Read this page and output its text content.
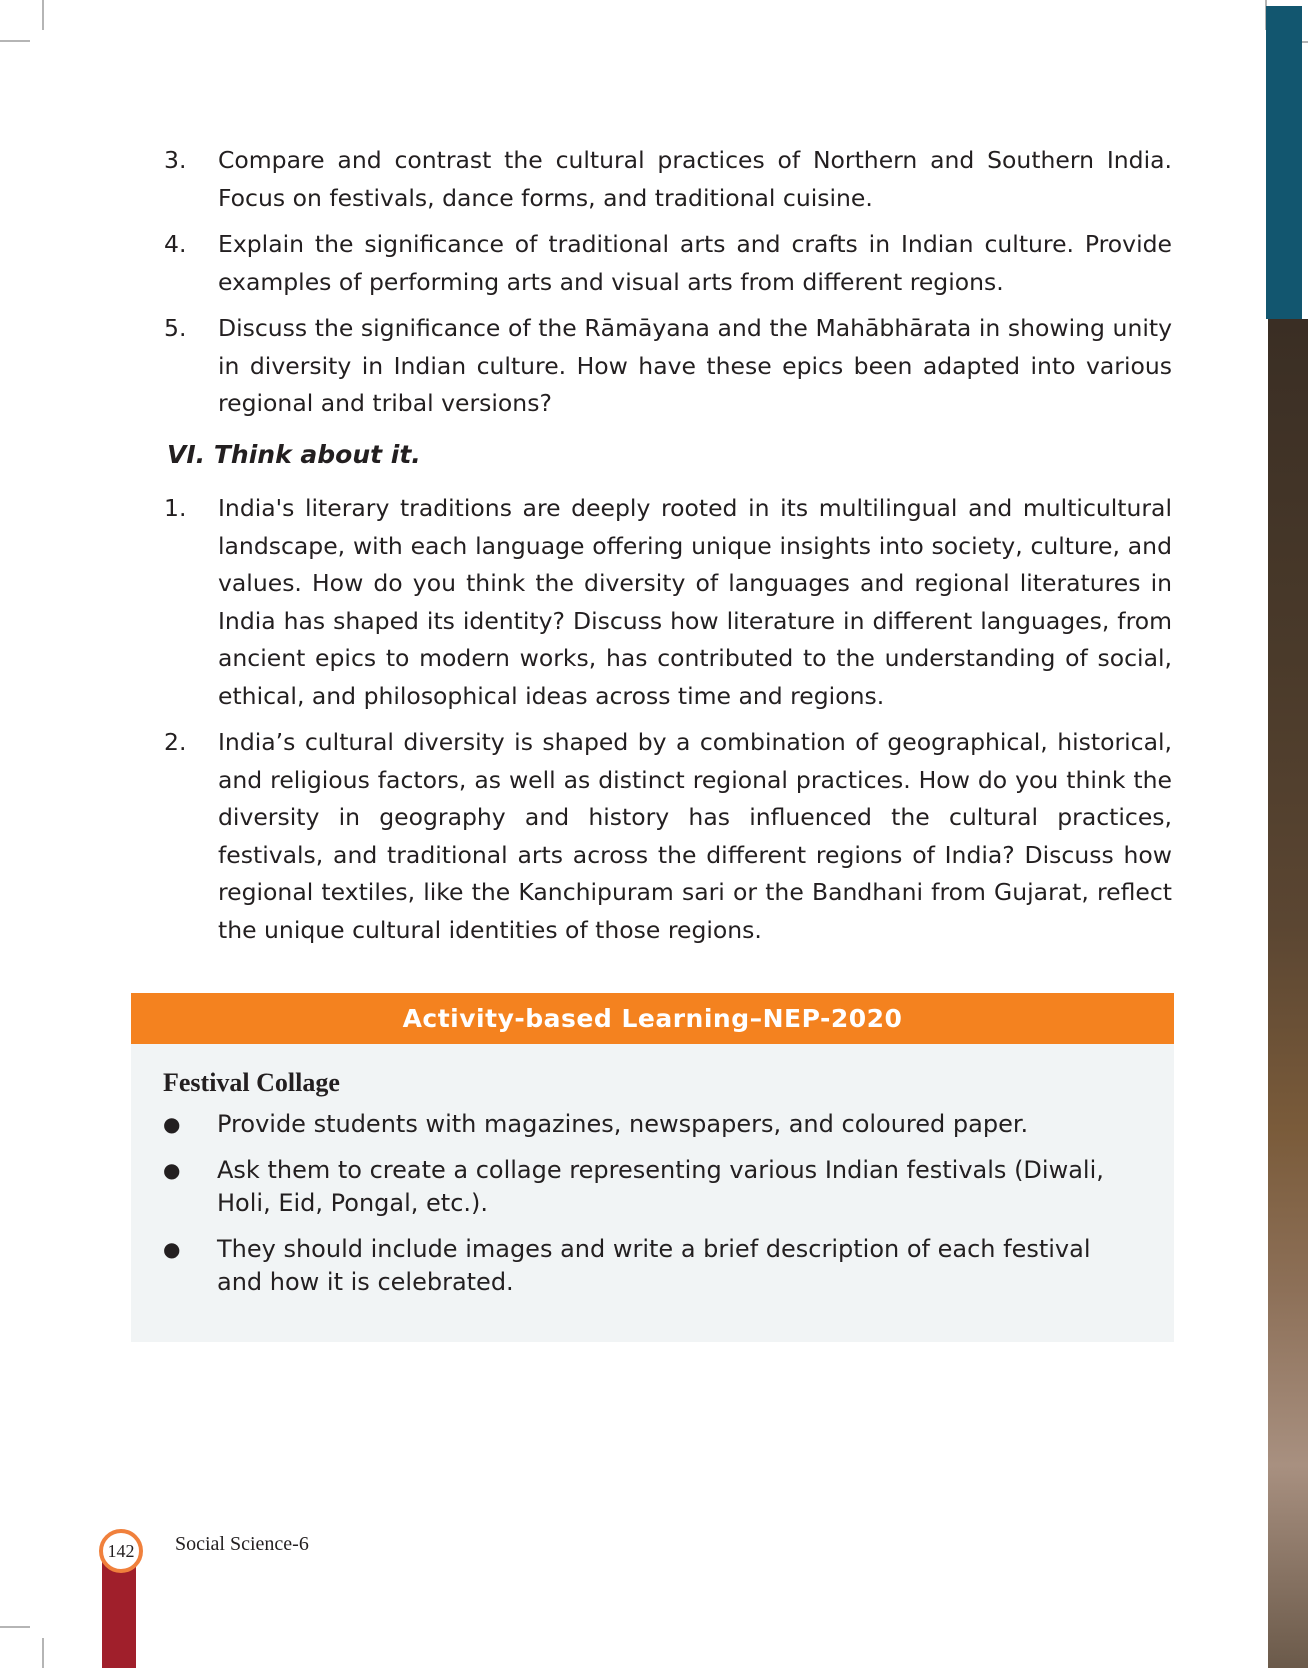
3.	Compare and contrast the cultural practices of Northern and Southern India. Focus on festivals, dance forms, and traditional cuisine.
4.	Explain the significance of traditional arts and crafts in Indian culture. Provide examples of performing arts and visual arts from different regions.
5.	Discuss the significance of the Rāmāyana and the Mahābhārata in showing unity in diversity in Indian culture. How have these epics been adapted into various regional and tribal versions?
VI. Think about it.
1.	India's literary traditions are deeply rooted in its multilingual and multicultural landscape, with each language offering unique insights into society, culture, and values. How do you think the diversity of languages and regional literatures in India has shaped its identity? Discuss how literature in different languages, from ancient epics to modern works, has contributed to the understanding of social, ethical, and philosophical ideas across time and regions.
2.	India’s cultural diversity is shaped by a combination of geographical, historical, and religious factors, as well as distinct regional practices. How do you think the diversity in geography and history has influenced the cultural practices, festivals, and traditional arts across the different regions of India? Discuss how regional textiles, like the Kanchipuram sari or the Bandhani from Gujarat, reflect the unique cultural identities of those regions.
Activity-based Learning–NEP-2020
Festival Collage
●	Provide students with magazines, newspapers, and coloured paper.
●	Ask them to create a collage representing various Indian festivals (Diwali, Holi, Eid, Pongal, etc.).
●	They should include images and write a brief description of each festival and how it is celebrated.
142	Social Science-6
